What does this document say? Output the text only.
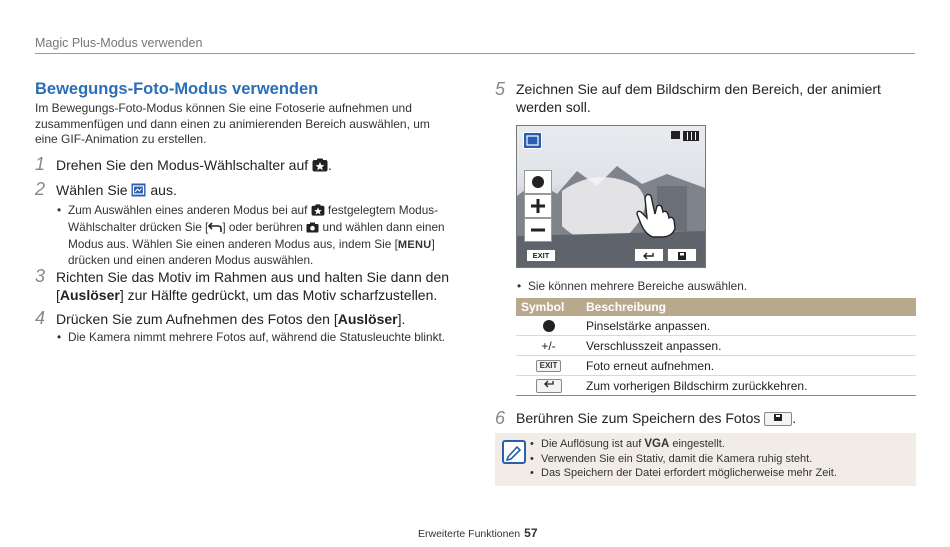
Magic Plus-Modus verwenden
Bewegungs-Foto-Modus verwenden
Im Bewegungs-Foto-Modus können Sie eine Fotoserie aufnehmen und zusammenfügen und dann einen zu animierenden Bereich auswählen, um eine GIF-Animation zu erstellen.
1 Drehen Sie den Modus-Wählschalter auf .
2 Wählen Sie  aus.
• Zum Auswählen eines anderen Modus bei auf  festgelegtem Modus-Wählschalter drücken Sie [ ] oder berühren  und wählen dann einen Modus aus. Wählen Sie einen anderen Modus aus, indem Sie [MENU] drücken und einen anderen Modus auswählen.
3 Richten Sie das Motiv im Rahmen aus und halten Sie dann den [Auslöser] zur Hälfte gedrückt, um das Motiv scharfzustellen.
4 Drücken Sie zum Aufnehmen des Fotos den [Auslöser].
• Die Kamera nimmt mehrere Fotos auf, während die Statusleuchte blinkt.
5 Zeichnen Sie auf dem Bildschirm den Bereich, der animiert werden soll.
EXIT
• Sie können mehrere Bereiche auswählen.
Symbol	Beschreibung
	Pinselstärke anpassen.
+/-	Verschlusszeit anpassen.
EXIT	Foto erneut aufnehmen.
	Zum vorherigen Bildschirm zurückkehren.
6 Berühren Sie zum Speichern des Fotos .
• Die Auflösung ist auf VGA eingestellt.
• Verwenden Sie ein Stativ, damit die Kamera ruhig steht.
• Das Speichern der Datei erfordert möglicherweise mehr Zeit.
Erweiterte Funktionen 57
